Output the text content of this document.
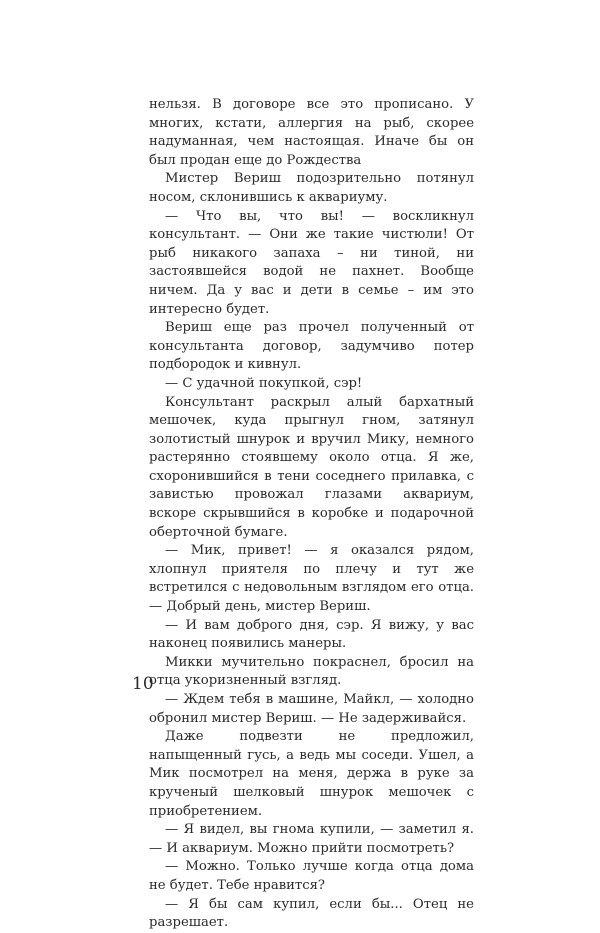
нельзя. В договоре все это прописано. У многих, кстати, аллергия на рыб, скорее надуманная, чем настоящая. Иначе бы он был продан еще до Рождества

Мистер Вериш подозрительно потянул носом, склонившись к аквариуму.

— Что вы, что вы! — воскликнул консультант. — Они же такие чистюли! От рыб никакого запаха – ни тиной, ни застоявшейся водой не пахнет. Вообще ничем. Да у вас и дети в семье – им это интересно будет.

Вериш еще раз прочел полученный от консультанта договор, задумчиво потер подбородок и кивнул.

— С удачной покупкой, сэр!

Консультант раскрыл алый бархатный мешочек, куда прыгнул гном, затянул золотистый шнурок и вручил Мику, немного растерянно стоявшему около отца. Я же, схоронившийся в тени соседнего прилавка, с завистью провожал глазами аквариум, вскоре скрывшийся в коробке и подарочной оберточной бумаге.

— Мик, привет! — я оказался рядом, хлопнул приятеля по плечу и тут же встретился с недовольным взглядом его отца. — Добрый день, мистер Вериш.

— И вам доброго дня, сэр. Я вижу, у вас наконец появились манеры.

Микки мучительно покраснел, бросил на отца укоризненный взгляд.

— Ждем тебя в машине, Майкл, — холодно обронил мистер Вериш. — Не задерживайся.

Даже подвезти не предложил, напыщенный гусь, а ведь мы соседи. Ушел, а Мик посмотрел на меня, держа в руке за крученый шелковый шнурок мешочек с приобретением.

— Я видел, вы гнома купили, — заметил я. — И аквариум. Можно прийти посмотреть?

— Можно. Только лучше когда отца дома не будет. Тебе нравится?

— Я бы сам купил, если бы... Отец не разрешает.

10
